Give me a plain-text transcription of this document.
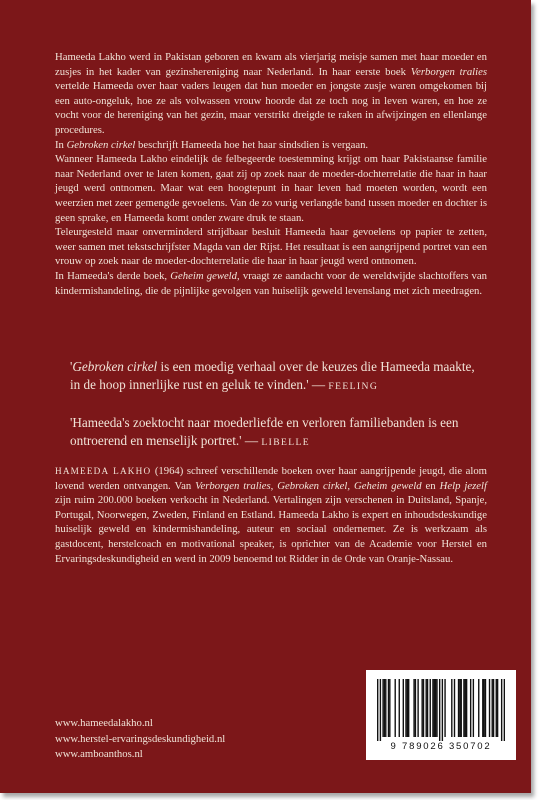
Hameeda Lakho werd in Pakistan geboren en kwam als vierjarig meisje samen met haar moeder en zusjes in het kader van gezinshereniging naar Nederland. In haar eerste boek Verborgen tralies vertelde Hameeda over haar vaders leugen dat hun moeder en jongste zusje waren omgekomen bij een auto-ongeluk, hoe ze als volwassen vrouw hoorde dat ze toch nog in leven waren, en hoe ze vocht voor de hereniging van het gezin, maar verstrikt dreigde te raken in afwijzingen en ellenlange procedures.

In Gebroken cirkel beschrijft Hameeda hoe het haar sindsdien is vergaan.

Wanneer Hameeda Lakho eindelijk de felbegeerde toestemming krijgt om haar Pakistaanse familie naar Nederland over te laten komen, gaat zij op zoek naar de moeder-dochterrelatie die haar in haar jeugd werd ontnomen. Maar wat een hoogtepunt in haar leven had moeten worden, wordt een weerzien met zeer gemengde gevoelens. Van de zo vurig verlangde band tussen moeder en dochter is geen sprake, en Hameeda komt onder zware druk te staan.

Teleurgesteld maar onverminderd strijdbaar besluit Hameeda haar gevoelens op papier te zetten, weer samen met tekstschrijfster Magda van der Rijst. Het resultaat is een aangrijpend portret van een vrouw op zoek naar de moeder-dochterrelatie die haar in haar jeugd werd ontnomen.

In Hameeda's derde boek, Geheim geweld, vraagt ze aandacht voor de wereldwijde slachtoffers van kindermishandeling, die de pijnlijke gevolgen van huiselijk geweld levenslang met zich meedragen.

'Gebroken cirkel is een moedig verhaal over de keuzes die Hameeda maakte, in de hoop innerlijke rust en geluk te vinden.' — FEELING
'Hameeda's zoektocht naar moederliefde en verloren familiebanden is een ontroerend en menselijk portret.' — LIBELLE

HAMEEDA LAKHO (1964) schreef verschillende boeken over haar aangrijpende jeugd, die alom lovend werden ontvangen. Van Verborgen tralies, Gebroken cirkel, Geheim geweld en Help jezelf zijn ruim 200.000 boeken verkocht in Nederland. Vertalingen zijn verschenen in Duitsland, Spanje, Portugal, Noorwegen, Zweden, Finland en Estland. Hameeda Lakho is expert en inhoudsdeskundige huiselijk geweld en kindermishandeling, auteur en sociaal ondernemer. Ze is werkzaam als gastdocent, herstelcoach en motivational speaker, is oprichter van de Academie voor Herstel en Ervaringsdeskundigheid en werd in 2009 benoemd tot Ridder in de Orde van Oranje-Nassau.

www.hameedalakho.nl
www.herstel-ervaringsdeskundigheid.nl
www.amboanthos.nl
9 789026 350702
